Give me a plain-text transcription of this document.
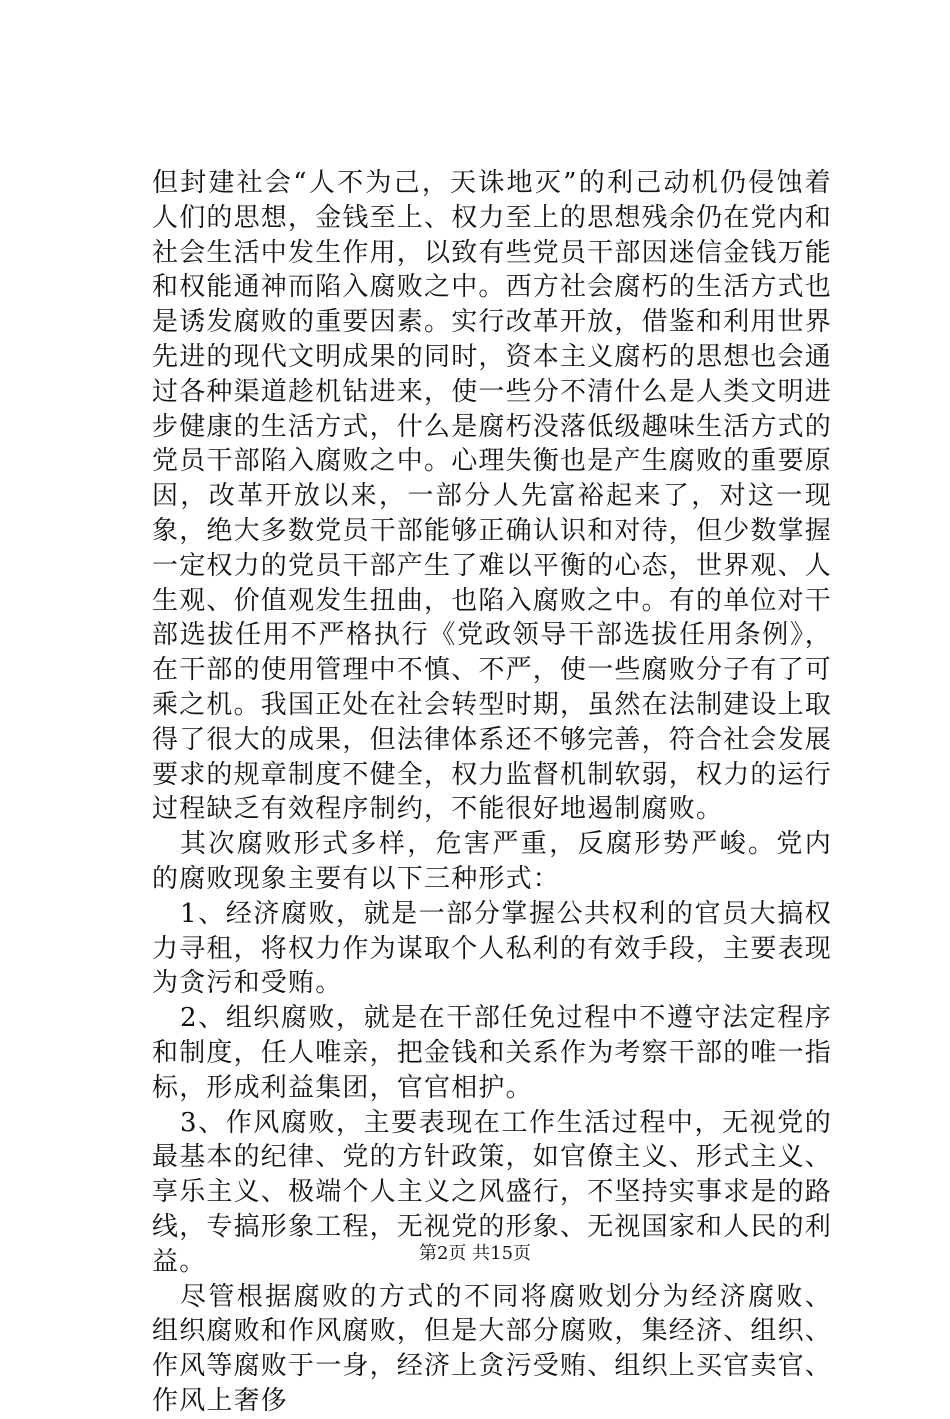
但封建社会“人不为己，天诛地灭”的利己动机仍侵蚀着人们的思想，金钱至上、权力至上的思想残余仍在党内和社会生活中发生作用，以致有些党员干部因迷信金钱万能和权能通神而陷入腐败之中。西方社会腐朽的生活方式也是诱发腐败的重要因素。实行改革开放，借鉴和利用世界先进的现代文明成果的同时，资本主义腐朽的思想也会通过各种渠道趁机钻进来，使一些分不清什么是人类文明进步健康的生活方式，什么是腐朽没落低级趣味生活方式的党员干部陷入腐败之中。心理失衡也是产生腐败的重要原因，改革开放以来，一部分人先富裕起来了，对这一现象，绝大多数党员干部能够正确认识和对待，但少数掌握一定权力的党员干部产生了难以平衡的心态，世界观、人生观、价值观发生扭曲，也陷入腐败之中。有的单位对干部选拔任用不严格执行《党政领导干部选拔任用条例》，在干部的使用管理中不慎、不严，使一些腐败分子有了可乘之机。我国正处在社会转型时期，虽然在法制建设上取得了很大的成果，但法律体系还不够完善，符合社会发展要求的规章制度不健全，权力监督机制软弱，权力的运行过程缺乏有效程序制约，不能很好地遏制腐败。

其次腐败形式多样，危害严重，反腐形势严峻。党内的腐败现象主要有以下三种形式：

1、经济腐败，就是一部分掌握公共权利的官员大搞权力寻租，将权力作为谋取个人私利的有效手段，主要表现为贪污和受贿。

2、组织腐败，就是在干部任免过程中不遵守法定程序和制度，任人唯亲，把金钱和关系作为考察干部的唯一指标，形成利益集团，官官相护。

3、作风腐败，主要表现在工作生活过程中，无视党的最基本的纪律、党的方针政策，如官僚主义、形式主义、享乐主义、极端个人主义之风盛行，不坚持实事求是的路线，专搞形象工程，无视党的形象、无视国家和人民的利益。

尽管根据腐败的方式的不同将腐败划分为经济腐败、组织腐败和作风腐败，但是大部分腐败，集经济、组织、作风等腐败于一身，经济上贪污受贿、组织上买官卖官、作风上奢侈

第2页 共15页
